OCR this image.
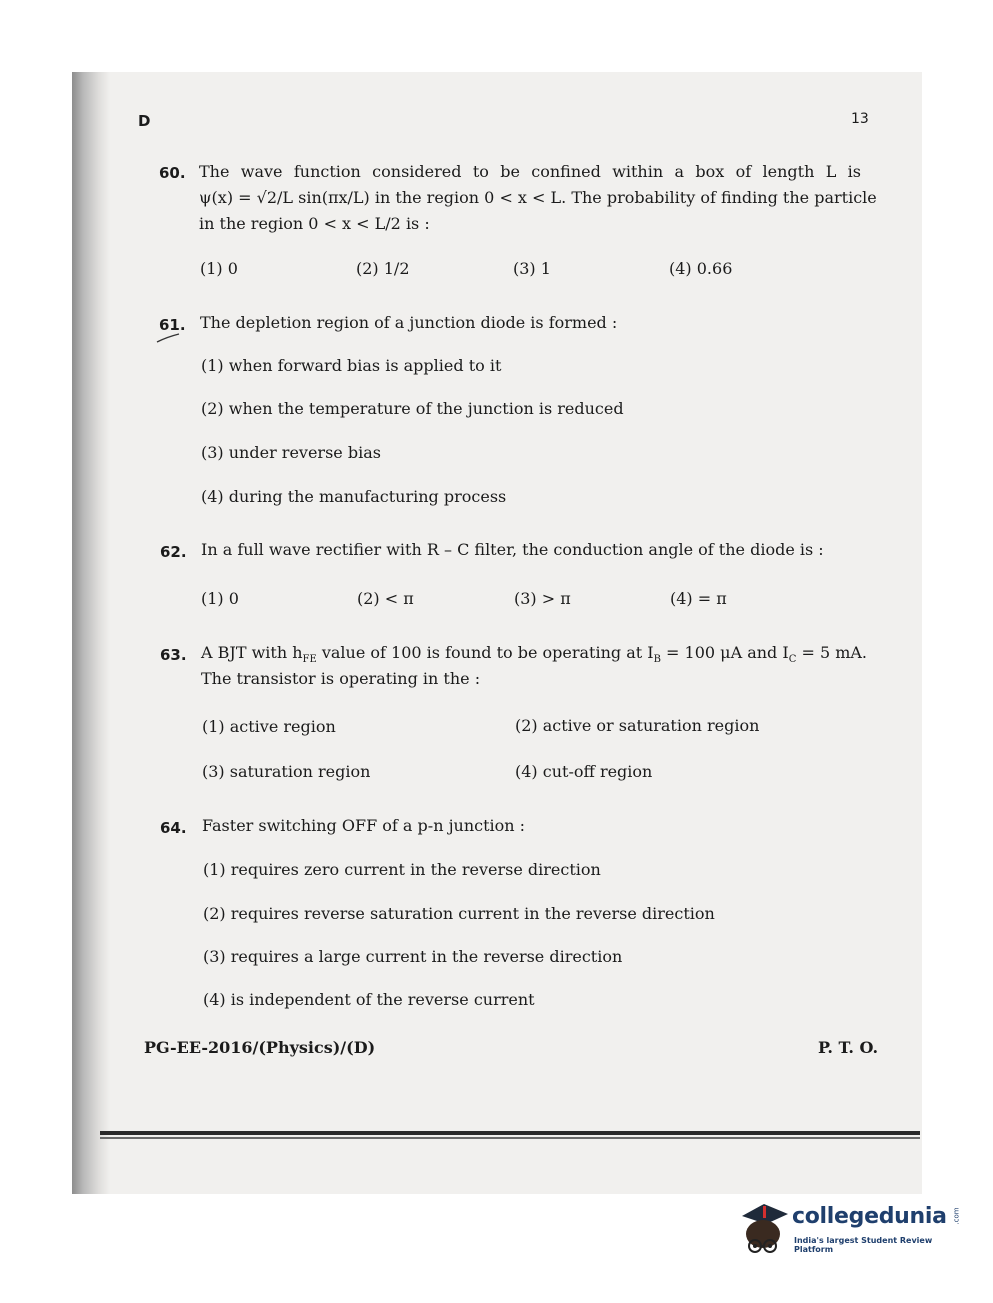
D	13
60. The wave function considered to be confined within a box of length L is
ψ(x) = √2/L sin(πx/L) in the region 0 < x < L. The probability of finding the particle
in the region 0 < x < L/2 is :
(1) 0	(2) 1/2	(3) 1	(4) 0.66
61. The depletion region of a junction diode is formed :
(1) when forward bias is applied to it
(2) when the temperature of the junction is reduced
(3) under reverse bias
(4) during the manufacturing process
62. In a full wave rectifier with R – C filter, the conduction angle of the diode is :
(1) 0	(2) < π	(3) > π	(4) = π
63. A BJT with $h_{FE}$ value of 100 is found to be operating at $I_B = 100$ μA and $I_C = 5$ mA.
The transistor is operating in the :
(1) active region	(2) active or saturation region
(3) saturation region	(4) cut-off region
64. Faster switching OFF of a p-n junction :
(1) requires zero current in the reverse direction
(2) requires reverse saturation current in the reverse direction
(3) requires a large current in the reverse direction
(4) is independent of the reverse current
PG-EE-2016/(Physics)/(D)	P. T. O.
collegedunia .com
India's largest Student Review Platform
